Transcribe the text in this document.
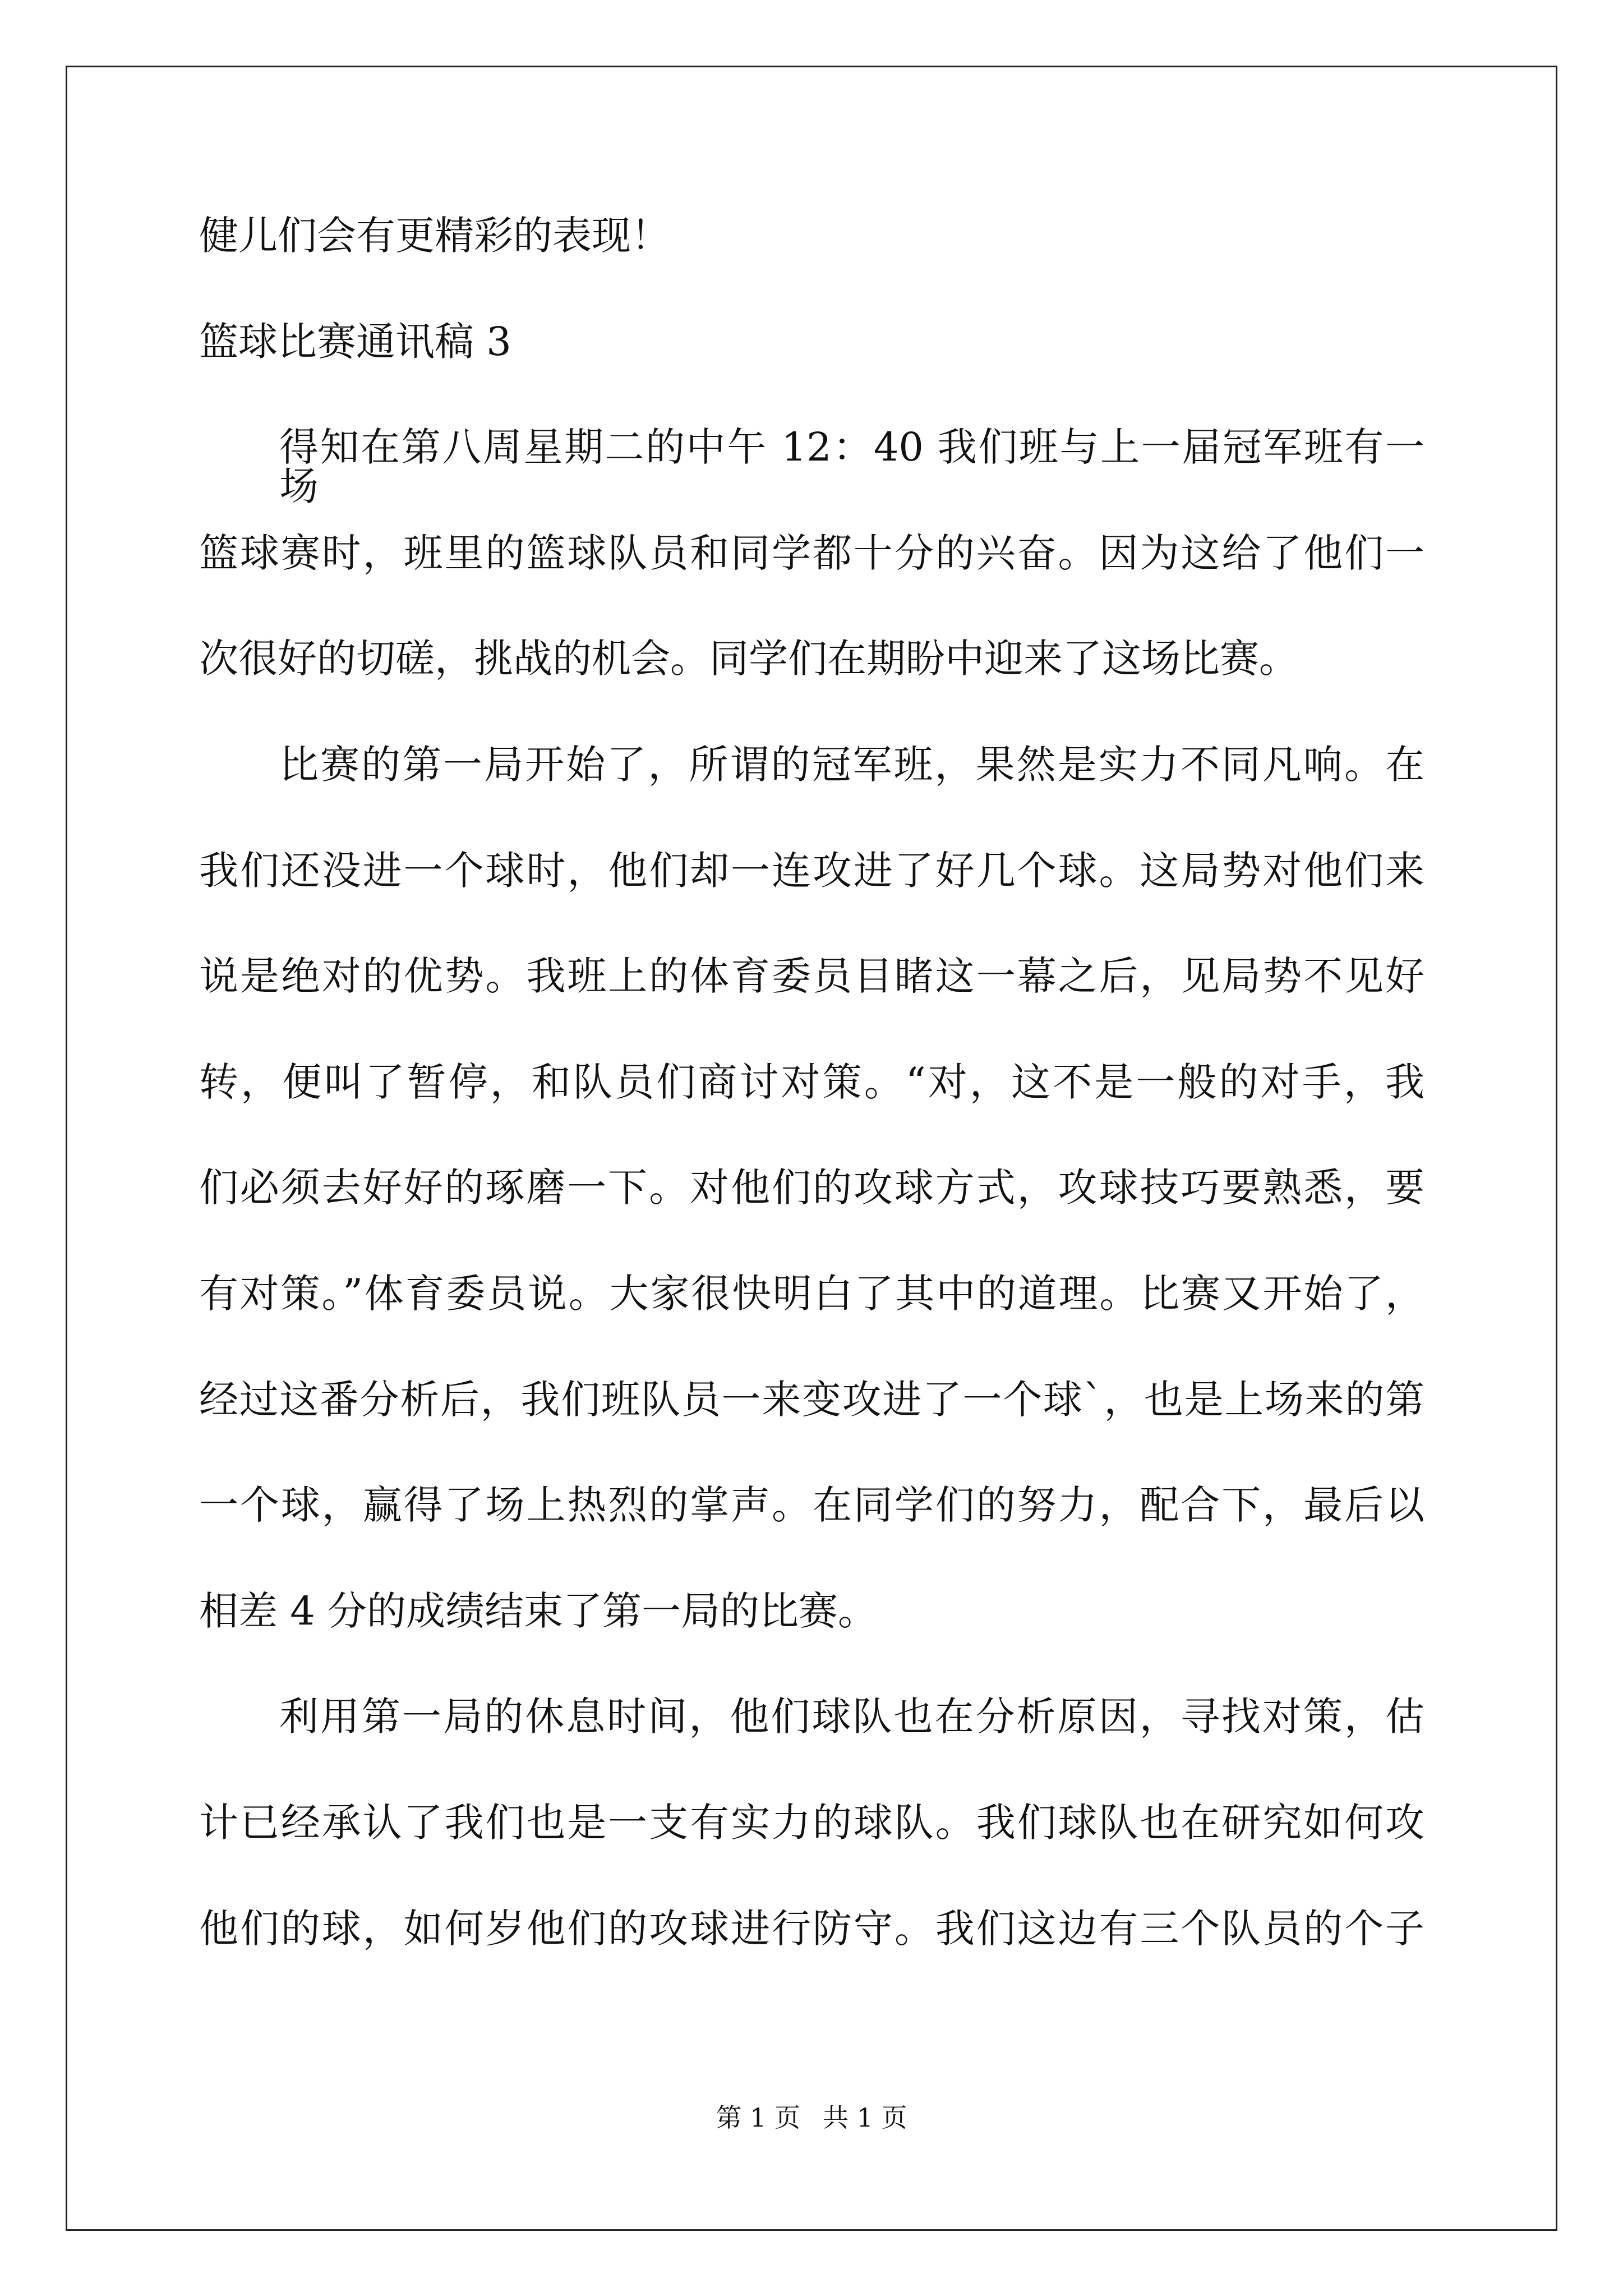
健儿们会有更精彩的表现！
篮球比赛通讯稿 3
得知在第八周星期二的中午 12：40 我们班与上一届冠军班有一场
篮球赛时，班里的篮球队员和同学都十分的兴奋。因为这给了他们一
次很好的切磋，挑战的机会。同学们在期盼中迎来了这场比赛。
比赛的第一局开始了，所谓的冠军班，果然是实力不同凡响。在
我们还没进一个球时，他们却一连攻进了好几个球。这局势对他们来
说是绝对的优势。我班上的体育委员目睹这一幕之后，见局势不见好
转，便叫了暂停，和队员们商讨对策。“对，这不是一般的对手，我
们必须去好好的琢磨一下。对他们的攻球方式，攻球技巧要熟悉，要
有对策。”体育委员说。大家很快明白了其中的道理。比赛又开始了，
经过这番分析后，我们班队员一来变攻进了一个球`，也是上场来的第
一个球，赢得了场上热烈的掌声。在同学们的努力，配合下，最后以
相差 4 分的成绩结束了第一局的比赛。
利用第一局的休息时间，他们球队也在分析原因，寻找对策，估
计已经承认了我们也是一支有实力的球队。我们球队也在研究如何攻
他们的球，如何岁他们的攻球进行防守。我们这边有三个队员的个子
第 1 页 共 1 页
